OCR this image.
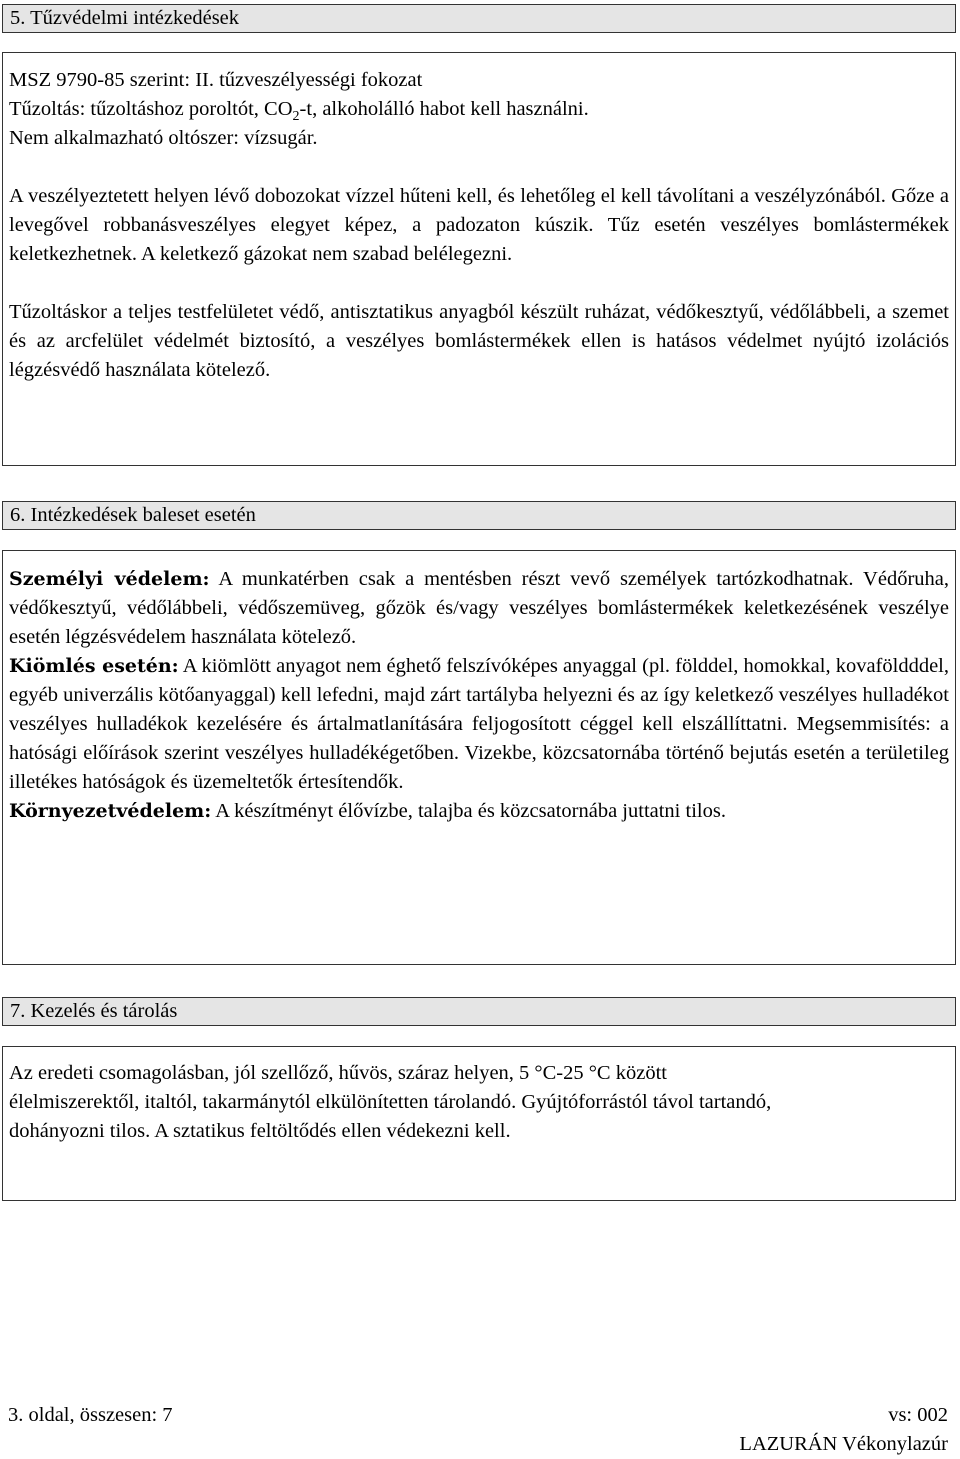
5. Tűzvédelmi intézkedések

MSZ 9790-85 szerint: II. tűzveszélyességi fokozat

Tűzoltás: tűzoltáshoz poroltót, $CO_2-t$, alkoholálló habot kell használni.

Nem alkalmazható oltószer: vízsugár.

A veszélyeztetett helyen lévő dobozokat vízzel hűteni kell, és lehetőleg el kell távolítani a veszélyzónából. Gőze a levegővel robbanásveszélyes elegyet képez, a padozaton kúszik. Tűz esetén veszélyes bomlástermékek keletkezhetnek. A keletkező gázokat nem szabad belélegezni.

Tűzoltáskor a teljes testfelületet védő, antisztatikus anyagból készült ruházat, védőkesztyű, védőlábbeli, a szemet és az arcfelület védelmét biztosító, a veszélyes bomlástermékek ellen is hatásos védelmet nyújtó izolációs légzésvédő használata kötelező.

6. Intézkedések baleset esetén

Személyi védelem: A munkatérben csak a mentésben részt vevő személyek tartózkodhatnak. Védőruha, védőkesztyű, védőlábbeli, védőszemüveg, gőzök és/vagy veszélyes bomlástermékek keletkezésének veszélye esetén légzésvédelem használata kötelező.

Kiömlés esetén: A kiömlött anyagot nem éghető felszívóképes anyaggal (pl. földdel, homokkal, kovaföldddel, egyéb univerzális kötőanyaggal) kell lefedni, majd zárt tartályba helyezni és az így keletkező veszélyes hulladékot veszélyes hulladékok kezelésére és ártalmatlanítására feljogosított céggel kell elszállíttatni. Megsemmisítés: a hatósági előírások szerint veszélyes hulladékégetőben. Vizekbe, közcsatornába történő bejutás esetén a területileg illetékes hatóságok és üzemeltetők értesítendők.

Környezetvédelem: A készítményt élővízbe, talajba és közcsatornába juttatni tilos.

7. Kezelés és tárolás

Az eredeti csomagolásban, jól szellőző, hűvös, száraz helyen, 5 °C-25 °C között

élelmiszerektől, italtól, takarmánytól elkülönítetten tárolandó. Gyújtóforrástól távol tartandó,

dohányozni tilos. A sztatikus feltöltődés ellen védekezni kell.

3. oldal, összesen: 7	vs: 002
LAZURÁN Vékonylazúr
